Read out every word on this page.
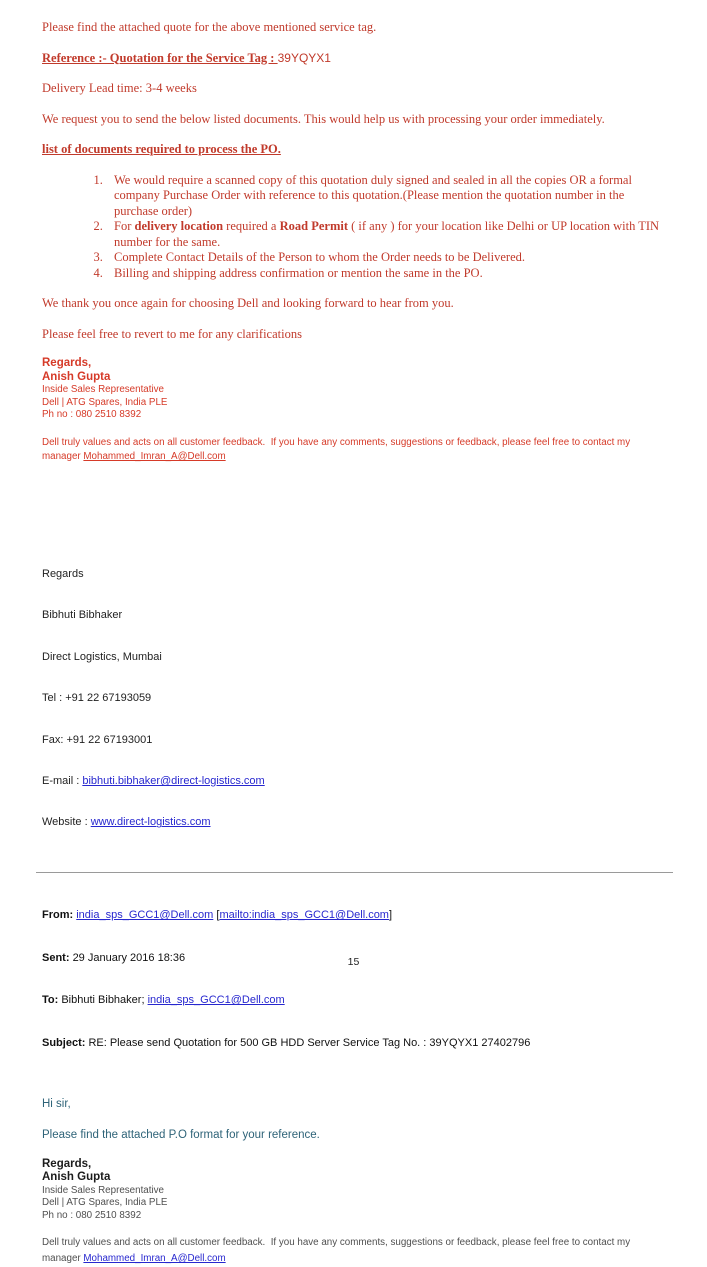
Please find the attached quote for the above mentioned service tag.

Reference :- Quotation for the Service Tag : 39YQYX1

Delivery Lead time: 3-4 weeks

We request you to send the below listed documents. This would help us with processing your order immediately.

list of documents required to process the PO.

1. We would require a scanned copy of this quotation duly signed and sealed in all the copies OR a formal company Purchase Order with reference to this quotation.(Please mention the quotation number in the purchase order)
2. For delivery location required a Road Permit ( if any ) for your location like Delhi or UP location with TIN number for the same.
3. Complete Contact Details of the Person to whom the Order needs to be Delivered.
4. Billing and shipping address confirmation or mention the same in the PO.

We thank you once again for choosing Dell and looking forward to hear from you.

Please feel free to revert to me for any clarifications

Regards,
Anish Gupta
Inside Sales Representative
Dell | ATG Spares, India PLE
Ph no : 080 2510 8392

Dell truly values and acts on all customer feedback.  If you have any comments, suggestions or feedback, please feel free to contact my manager Mohammed_Imran_A@Dell.com

Regards

Bibhuti Bibhaker

Direct Logistics, Mumbai

Tel : +91 22 67193059

Fax: +91 22 67193001

E-mail : bibhuti.bibhaker@direct-logistics.com

Website : www.direct-logistics.com

From: india_sps_GCC1@Dell.com [mailto:india_sps_GCC1@Dell.com]

Sent: 29 January 2016 18:36

To: Bibhuti Bibhaker; india_sps_GCC1@Dell.com

Subject: RE: Please send Quotation for 500 GB HDD Server Service Tag No. : 39YQYX1 27402796

Hi sir,

Please find the attached P.O format for your reference.

Regards,
Anish Gupta
Inside Sales Representative
Dell | ATG Spares, India PLE
Ph no : 080 2510 8392

Dell truly values and acts on all customer feedback.  If you have any comments, suggestions or feedback, please feel free to contact my manager Mohammed_Imran_A@Dell.com

15
